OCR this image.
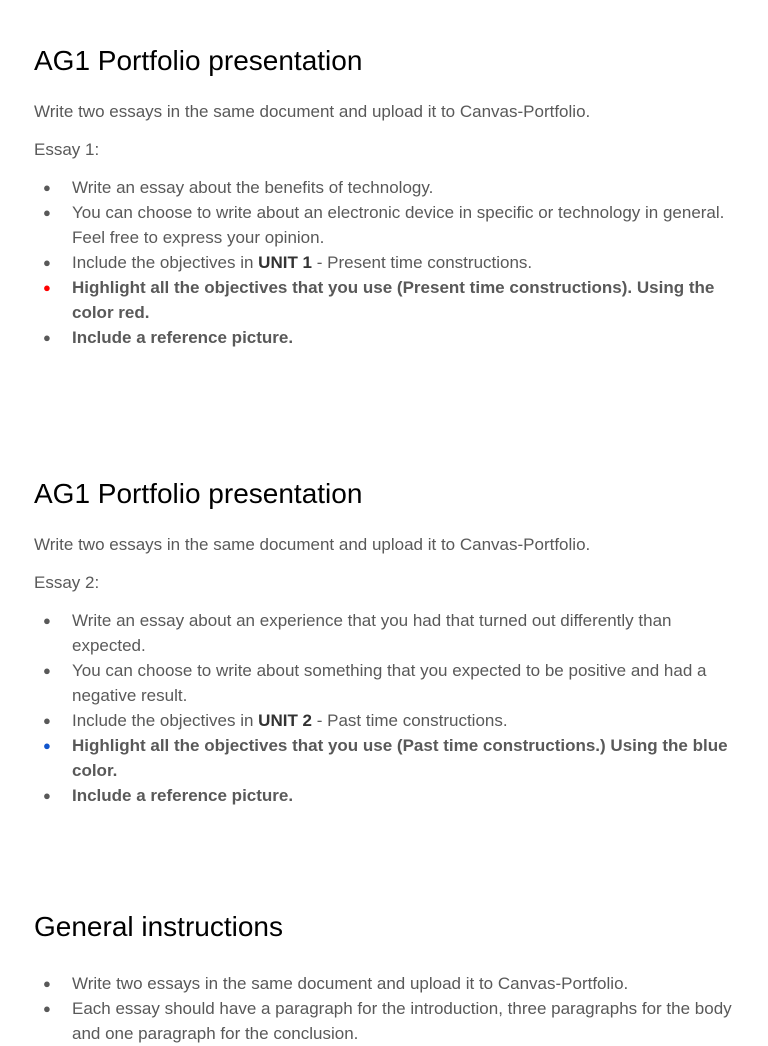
AG1 Portfolio presentation

Write two essays in the same document and upload it to Canvas-Portfolio.

Essay 1:

● Write an essay about the benefits of technology.
● You can choose to write about an electronic device in specific or technology in general. Feel free to express your opinion.
● Include the objectives in UNIT 1 - Present time constructions.
● Highlight all the objectives that you use (Present time constructions). Using the color red.
● Include a reference picture.
AG1 Portfolio presentation

Write two essays in the same document and upload it to Canvas-Portfolio.

Essay 2:

● Write an essay about an experience that you had that turned out differently than expected.
● You can choose to write about something that you expected to be positive and had a negative result.
● Include the objectives in UNIT 2 - Past time constructions.
● Highlight all the objectives that you use (Past time constructions.) Using the blue color.
● Include a reference picture.
General instructions
● Write two essays in the same document and upload it to Canvas-Portfolio.
● Each essay should have a paragraph for the introduction, three paragraphs for the body and one paragraph for the conclusion.
